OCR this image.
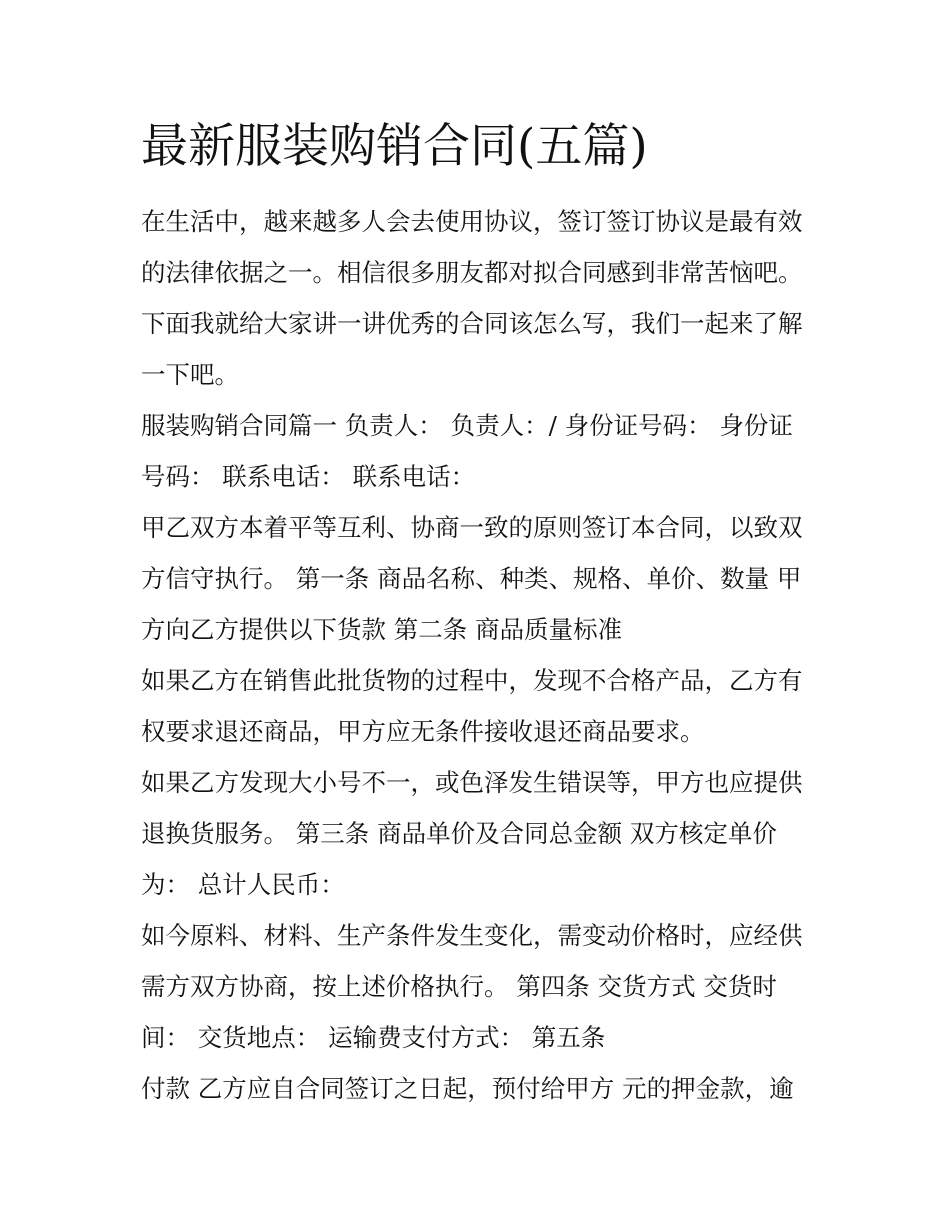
最新服装购销合同(五篇)

在生活中，越来越多人会去使用协议，签订签订协议是最有效
的法律依据之一。相信很多朋友都对拟合同感到非常苦恼吧。
下面我就给大家讲一讲优秀的合同该怎么写，我们一起来了解
一下吧。

服装购销合同篇一 负责人： 负责人：/ 身份证号码： 身份证
号码： 联系电话： 联系电话：

甲乙双方本着平等互利、协商一致的原则签订本合同，以致双
方信守执行。 第一条 商品名称、种类、规格、单价、数量 甲
方向乙方提供以下货款 第二条 商品质量标准

如果乙方在销售此批货物的过程中，发现不合格产品，乙方有
权要求退还商品，甲方应无条件接收退还商品要求。

如果乙方发现大小号不一，或色泽发生错误等，甲方也应提供
退换货服务。 第三条 商品单价及合同总金额 双方核定单价
为： 总计人民币：

如今原料、材料、生产条件发生变化，需变动价格时，应经供
需方双方协商，按上述价格执行。 第四条 交货方式 交货时
间： 交货地点： 运输费支付方式： 第五条

付款 乙方应自合同签订之日起，预付给甲方 元的押金款，逾
